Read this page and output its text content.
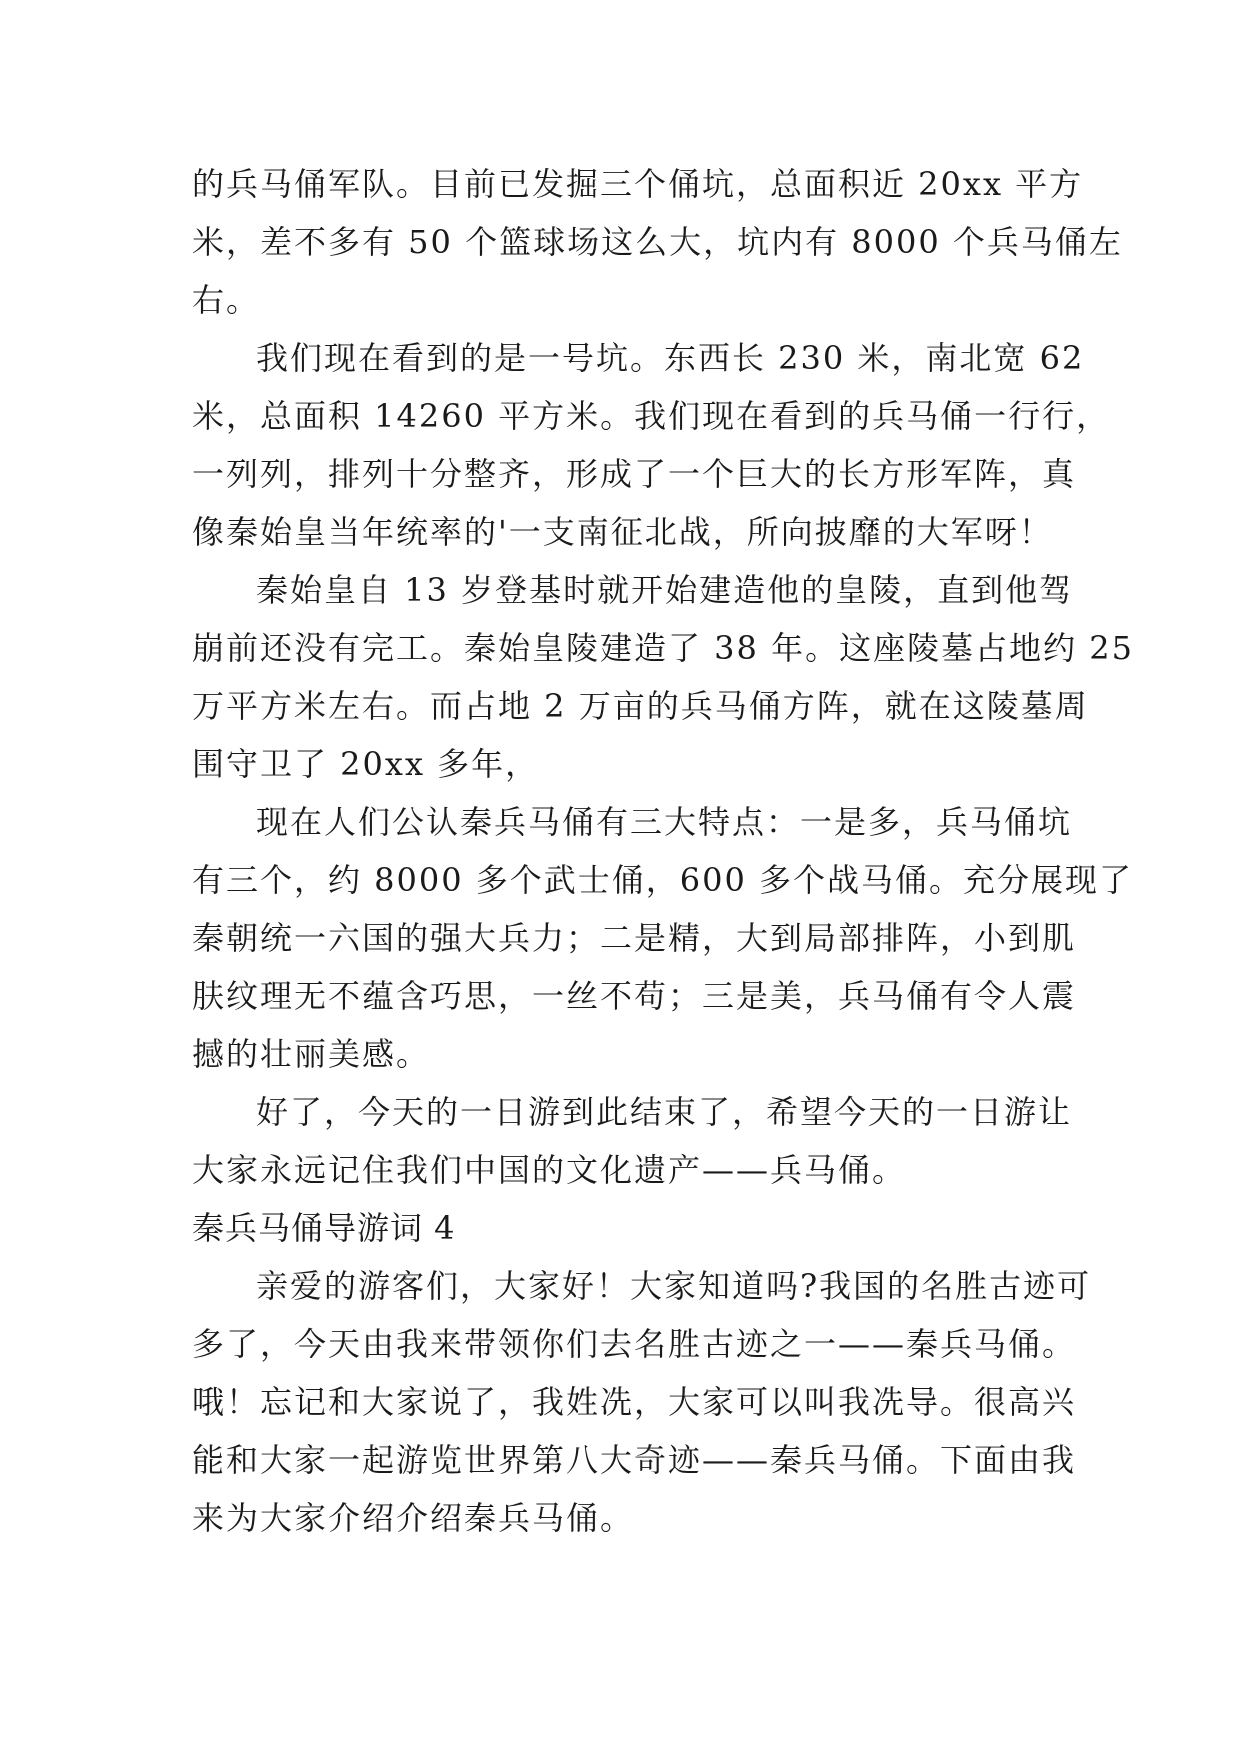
的兵马俑军队。目前已发掘三个俑坑，总面积近 20xx 平方
米，差不多有 50 个篮球场这么大，坑内有 8000 个兵马俑左
右。
我们现在看到的是一号坑。东西长 230 米，南北宽 62
米，总面积 14260 平方米。我们现在看到的兵马俑一行行，
一列列，排列十分整齐，形成了一个巨大的长方形军阵，真
像秦始皇当年统率的'一支南征北战，所向披靡的大军呀！
秦始皇自 13 岁登基时就开始建造他的皇陵，直到他驾
崩前还没有完工。秦始皇陵建造了 38 年。这座陵墓占地约 25
万平方米左右。而占地 2 万亩的兵马俑方阵，就在这陵墓周
围守卫了 20xx 多年，
现在人们公认秦兵马俑有三大特点：一是多，兵马俑坑
有三个，约 8000 多个武士俑，600 多个战马俑。充分展现了
秦朝统一六国的强大兵力；二是精，大到局部排阵，小到肌
肤纹理无不蕴含巧思，一丝不苟；三是美，兵马俑有令人震
撼的壮丽美感。
好了，今天的一日游到此结束了，希望今天的一日游让
大家永远记住我们中国的文化遗产——兵马俑。
秦兵马俑导游词 4
亲爱的游客们，大家好！大家知道吗?我国的名胜古迹可
多了，今天由我来带领你们去名胜古迹之一——秦兵马俑。
哦！忘记和大家说了，我姓冼，大家可以叫我冼导。很高兴
能和大家一起游览世界第八大奇迹——秦兵马俑。下面由我
来为大家介绍介绍秦兵马俑。
